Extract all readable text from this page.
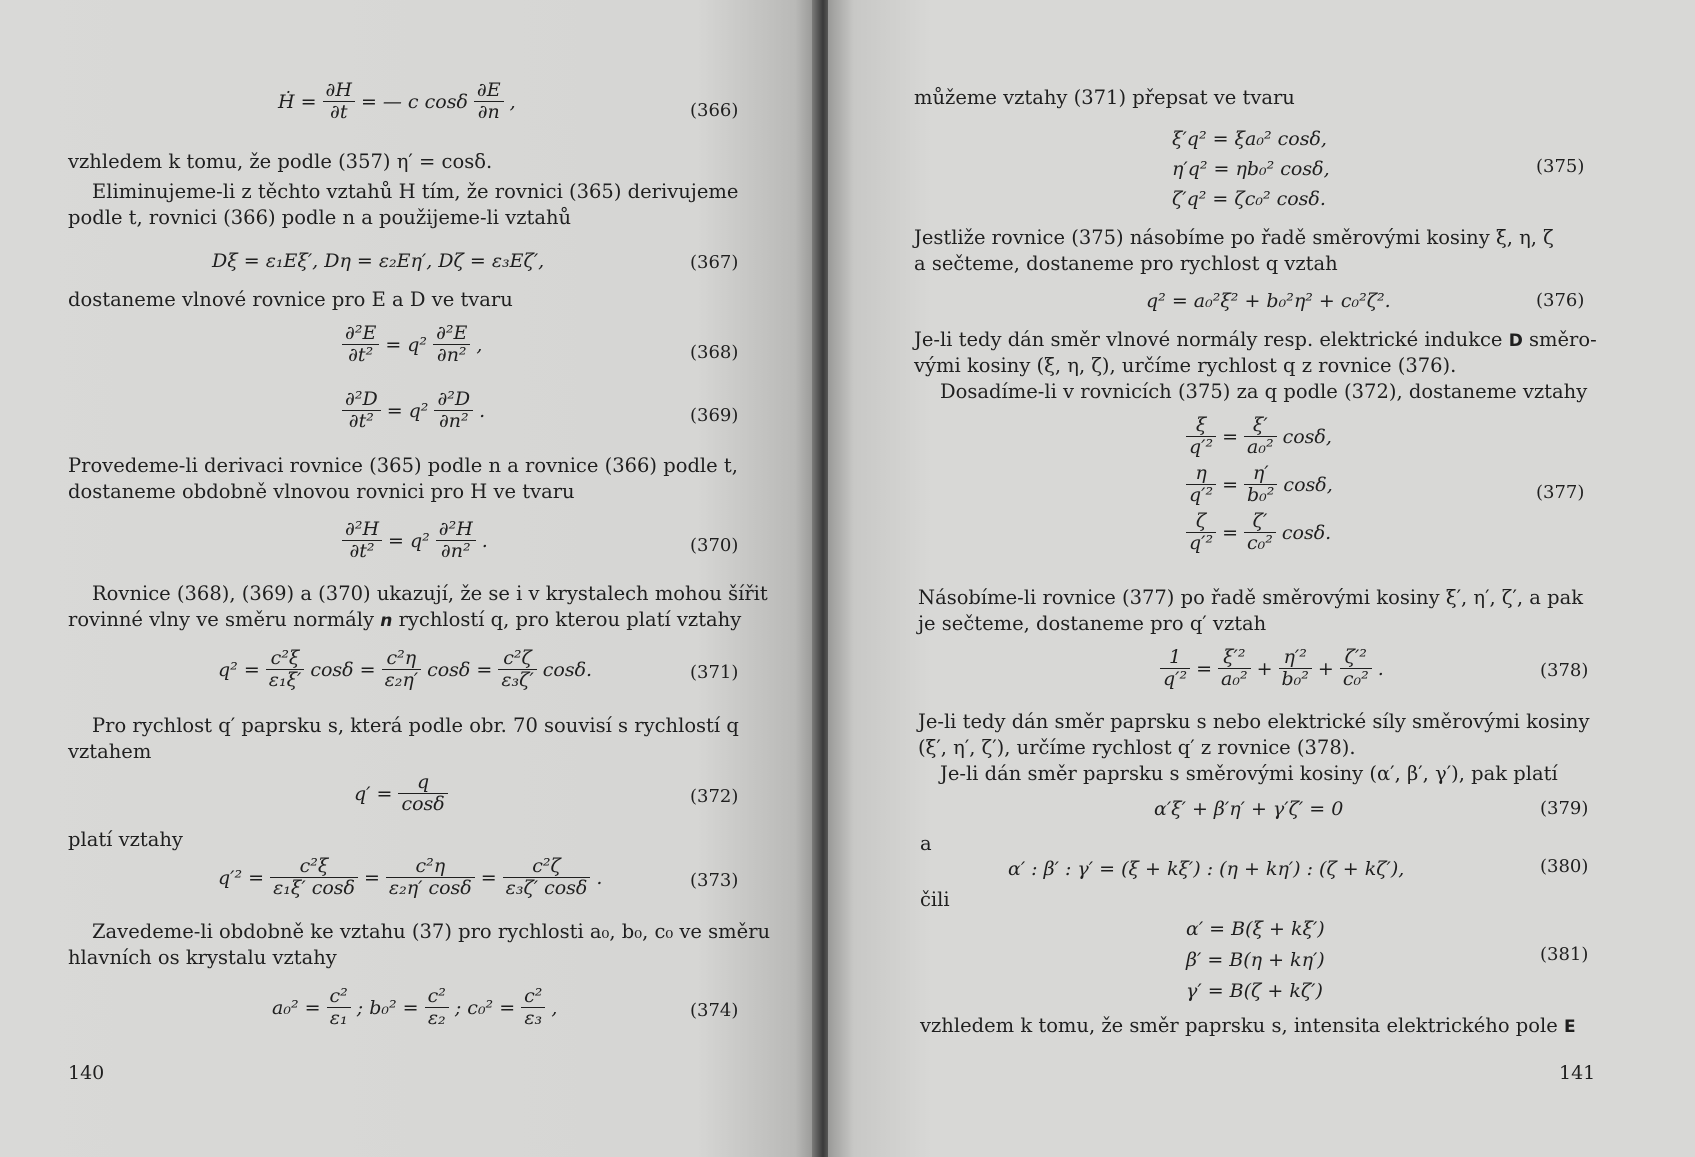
Ḣ = $\frac{\partial H}{\partial t}$ = — c cosδ $\frac{\partial E}{\partial n}$ ,	(366)
vzhledem k tomu, že podle (357) η′ = cosδ.
Eliminujeme-li z těchto vztahů H tím, že rovnici (365) derivujeme
podle t, rovnici (366) podle n a použijeme-li vztahů
Dξ = ε₁Eξ′, Dη = ε₂Eη′, Dζ = ε₃Eζ′,	(367)
dostaneme vlnové rovnice pro E a D ve tvaru
$\frac{\text{∂²E}}{\text{∂t²}} = q^2 \frac{\text{∂²E}}{\text{∂n²}}$ ,	(368)
$\frac{\text{∂²D}}{\text{∂t²}} = q^2 \frac{\text{∂²D}}{\text{∂n²}}$ .	(369)
Provedeme-li derivaci rovnice (365) podle n a rovnice (366) podle t,
dostaneme obdobně vlnovou rovnici pro H ve tvaru
$\frac{\text{∂²H}}{\text{∂t²}} = q^2 \frac{\text{∂²H}}{\text{∂n²}}$ .	(370)
Rovnice (368), (369) a (370) ukazují, že se i v krystalech mohou šířit
rovinné vlny ve směru normály n rychlostí q, pro kterou platí vztahy
$q^2 = \frac{\text{c²ξ}}{\text{ε₁ξ′}}$ $\cos\delta = \frac{\text{c²η}}{\text{ε₂η′}}$ $\cos\delta = \frac{\text{c²ζ}}{\text{ε₃ζ′}} \cos\delta$.	(371)
Pro rychlost q′ paprsku s, která podle obr. 70 souvisí s rychlostí q
vztahem
$q' = \frac{q}{\cos\delta}$	(372)
platí vztahy
$q'^2 = \frac{\text{c²ξ}}{\text{ε₁ξ′ cosδ}} = \frac{\text{c²η}}{\text{ε₂η′ cosδ}} = \frac{\text{c²ζ}}{\text{ε₃ζ′ cosδ}}$ .	(373)
Zavedeme-li obdobně ke vztahu (37) pro rychlosti a₀, b₀, c₀ ve směru
hlavních os krystalu vztahy
$a_0^2 = \frac{\text{c²}}{\text{ε₁}}$ ; $b_0^2 = \frac{\text{c²}}{\text{ε₂}}$ ; $c_0^2 = \frac{\text{c²}}{\text{ε₃}}$ ,	(374)
140
můžeme vztahy (371) přepsat ve tvaru
ξ′q² = ξa₀² cosδ,
η′q² = ηb₀² cosδ,
ζ′q² = ζc₀² cosδ.
(375)
Jestliže rovnice (375) násobíme po řadě směrovými kosiny ξ, η, ζ
a sečteme, dostaneme pro rychlost q vztah
q² = a₀²ξ² + b₀²η² + c₀²ζ².	(376)
Je-li tedy dán směr vlnové normály resp. elektrické indukce D směro-
vými kosiny (ξ, η, ζ), určíme rychlost q z rovnice (376).
Dosadíme-li v rovnicích (375) za q podle (372), dostaneme vztahy
$\frac{\xi}{\text{q′²}} = \frac{\xi'}{\text{a₀²}} \cos\delta$,

$\frac{\eta}{\text{q′²}} = \frac{\eta'}{\text{b₀²}} \cos\delta$,

$\frac{\zeta}{\text{q′²}} = \frac{\zeta'}{\text{c₀²}} \cos\delta$.
(377)
Násobíme-li rovnice (377) po řadě směrovými kosiny ξ′, η′, ζ′, a pak
je sečteme, dostaneme pro q′ vztah
$\frac{1}{\text{q′²}} = \frac{\text{ξ′²}}{\text{a₀²}} + \frac{\text{η′²}}{\text{b₀²}} + \frac{\text{ζ′²}}{\text{c₀²}}$ .	(378)
Je-li tedy dán směr paprsku s nebo elektrické síly směrovými kosiny
(ξ′, η′, ζ′), určíme rychlost q′ z rovnice (378).
Je-li dán směr paprsku s směrovými kosiny (α′, β′, γ′), pak platí
α′ξ′ + β′η′ + γ′ζ′ = 0	(379)
a
α′ : β′ : γ′ = (ξ + kξ′) : (η + kη′) : (ζ + kζ′),	(380)
čili
α′ = B(ξ + kξ′)
β′ = B(η + kη′)
γ′ = B(ζ + kζ′)
(381)
vzhledem k tomu, že směr paprsku s, intensita elektrického pole E
141
